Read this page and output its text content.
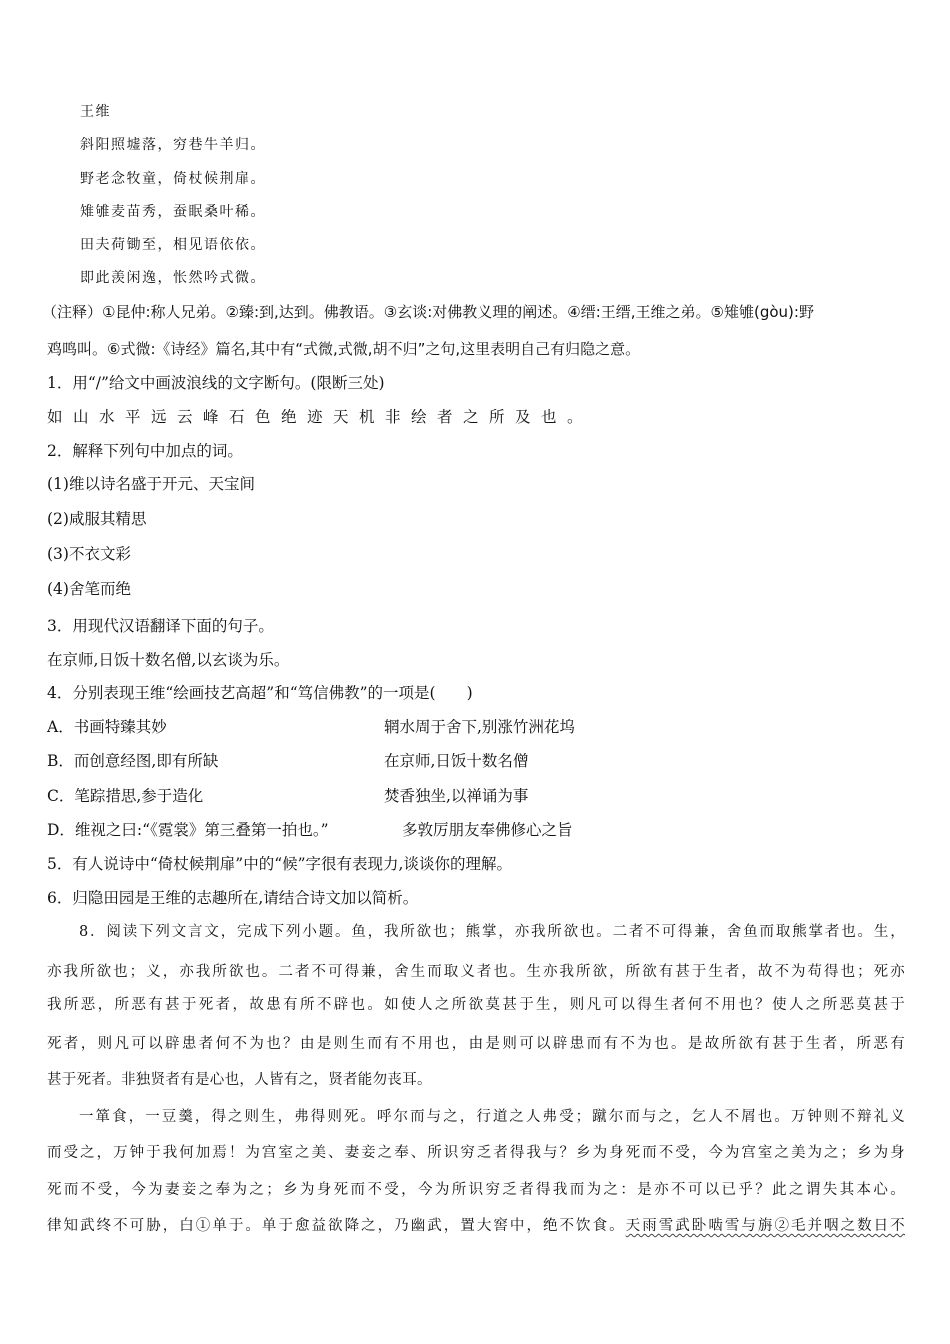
王维
斜阳照墟落，穷巷牛羊归。
野老念牧童，倚杖候荆扉。
雉雊麦苗秀，蚕眠桑叶稀。
田夫荷锄至，相见语依依。
即此羡闲逸，怅然吟式微。
（注释）①昆仲:称人兄弟。②臻:到,达到。佛教语。③玄谈:对佛教义理的阐述。④缙:王缙,王维之弟。⑤雉雊(gòu):野
鸡鸣叫。⑥式微:《诗经》篇名,其中有“式微,式微,胡不归”之句,这里表明自己有归隐之意。
1．用“/”给文中画波浪线的文字断句。(限断三处)
如山水平远云峰石色绝迹天机非绘者之所及也。
2．解释下列句中加点的词。
(1)维以诗名盛于开元、天宝间
(2)咸服其精思
(3)不衣文彩
(4)舍笔而绝
3．用现代汉语翻译下面的句子。
在京师,日饭十数名僧,以玄谈为乐。
4．分别表现王维“绘画技艺高超”和“笃信佛教”的一项是(　　)
A．书画特臻其妙	辋水周于舍下,别涨竹洲花坞
B．而创意经图,即有所缺	在京师,日饭十数名僧
C．笔踪措思,参于造化	焚香独坐,以禅诵为事
D．维视之曰:“《霓裳》第三叠第一拍也。”	多敦厉朋友奉佛修心之旨
5．有人说诗中“倚杖候荆扉”中的“候”字很有表现力,谈谈你的理解。
6．归隐田园是王维的志趣所在,请结合诗文加以简析。
8．阅读下列文言文，完成下列小题。鱼，我所欲也；熊掌，亦我所欲也。二者不可得兼，舍鱼而取熊掌者也。生，
亦我所欲也；义，亦我所欲也。二者不可得兼，舍生而取义者也。生亦我所欲，所欲有甚于生者，故不为苟得也；死亦
我所恶，所恶有甚于死者，故患有所不辟也。如使人之所欲莫甚于生，则凡可以得生者何不用也？使人之所恶莫甚于
死者，则凡可以辟患者何不为也？由是则生而有不用也，由是则可以辟患而有不为也。是故所欲有甚于生者，所恶有
甚于死者。非独贤者有是心也，人皆有之，贤者能勿丧耳。
一箪食，一豆羹，得之则生，弗得则死。呼尔而与之，行道之人弗受；蹴尔而与之，乞人不屑也。万钟则不辩礼义
而受之，万钟于我何加焉！为宫室之美、妻妾之奉、所识穷乏者得我与？乡为身死而不受，今为宫室之美为之；乡为身
死而不受，今为妻妾之奉为之；乡为身死而不受，今为所识穷乏者得我而为之：是亦不可以已乎？此之谓失其本心。
律知武终不可胁，白①单于。单于愈益欲降之，乃幽武，置大窖中，绝不饮食。天雨雪武卧啮雪与旃②毛并咽之数日不
